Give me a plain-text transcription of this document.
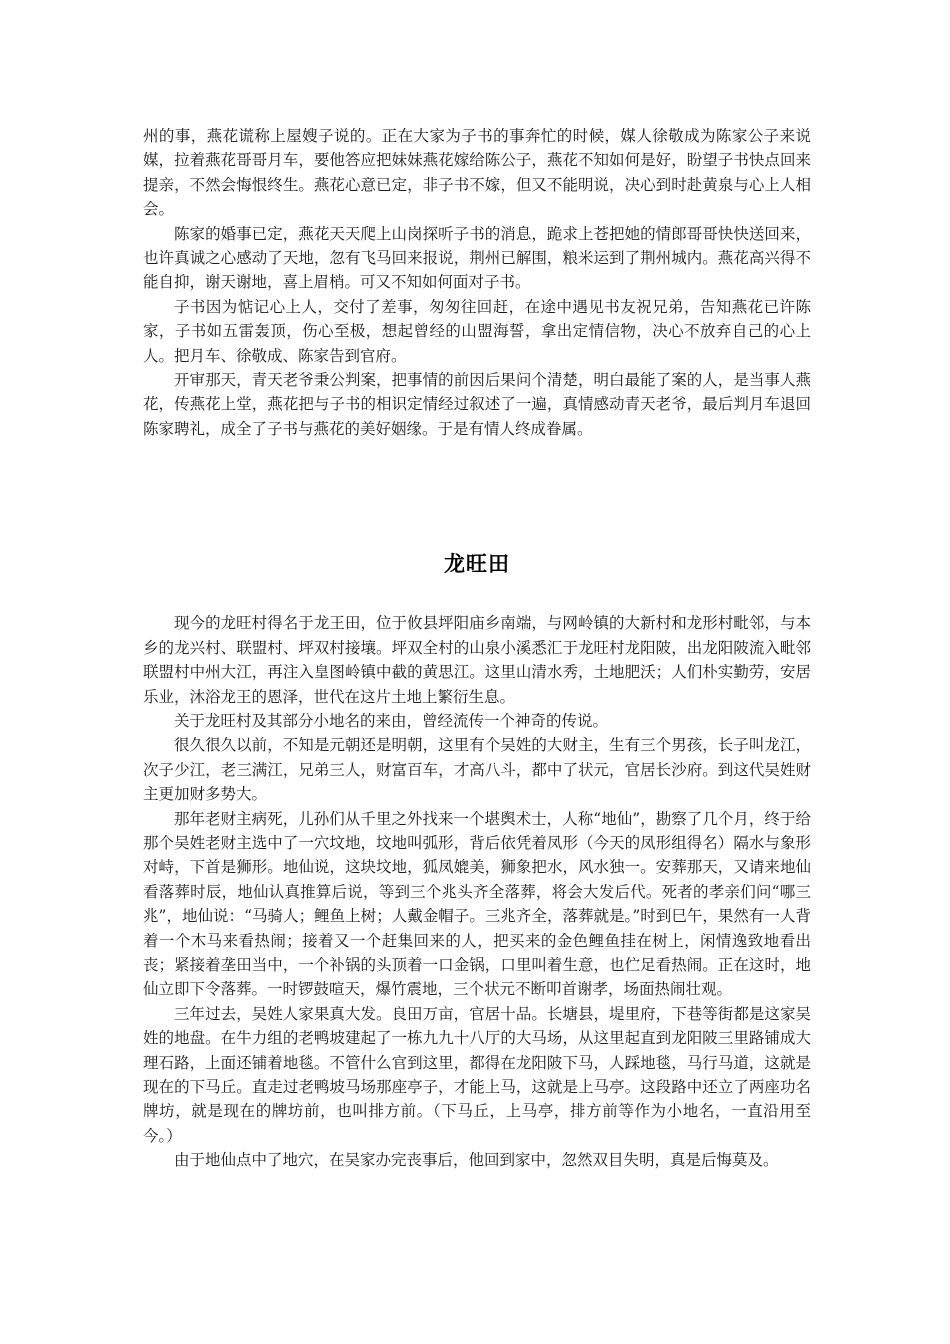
州的事，燕花谎称上屋嫂子说的。正在大家为子书的事奔忙的时候，媒人徐敬成为陈家公子来说媒，拉着燕花哥哥月车，要他答应把妹妹燕花嫁给陈公子，燕花不知如何是好，盼望子书快点回来提亲，不然会悔恨终生。燕花心意已定，非子书不嫁，但又不能明说，决心到时赴黄泉与心上人相会。

陈家的婚事已定，燕花天天爬上山岗探听子书的消息，跪求上苍把她的情郎哥哥快快送回来，也许真诚之心感动了天地，忽有飞马回来报说，荆州已解围，粮米运到了荆州城内。燕花高兴得不能自抑，谢天谢地，喜上眉梢。可又不知如何面对子书。

子书因为惦记心上人，交付了差事，匆匆往回赶，在途中遇见书友祝兄弟，告知燕花已许陈家，子书如五雷轰顶，伤心至极，想起曾经的山盟海誓，拿出定情信物，决心不放弃自己的心上人。把月车、徐敬成、陈家告到官府。

开审那天，青天老爷秉公判案，把事情的前因后果问个清楚，明白最能了案的人，是当事人燕花，传燕花上堂，燕花把与子书的相识定情经过叙述了一遍，真情感动青天老爷，最后判月车退回陈家聘礼，成全了子书与燕花的美好姻缘。于是有情人终成眷属。

龙旺田

现今的龙旺村得名于龙王田，位于攸县坪阳庙乡南端，与网岭镇的大新村和龙形村毗邻，与本乡的龙兴村、联盟村、坪双村接壤。坪双全村的山泉小溪悉汇于龙旺村龙阳陂，出龙阳陂流入毗邻联盟村中州大江，再注入皇图岭镇中截的黄思江。这里山清水秀，土地肥沃；人们朴实勤劳，安居乐业，沐浴龙王的恩泽，世代在这片土地上繁衍生息。

关于龙旺村及其部分小地名的来由，曾经流传一个神奇的传说。

很久很久以前，不知是元朝还是明朝，这里有个吴姓的大财主，生有三个男孩，长子叫龙江，次子少江，老三满江，兄弟三人，财富百车，才高八斗，都中了状元，官居长沙府。到这代吴姓财主更加财多势大。

那年老财主病死，儿孙们从千里之外找来一个堪舆术士，人称“地仙”，勘察了几个月，终于给那个吴姓老财主选中了一穴坟地，坟地叫弧形，背后依凭着凤形（今天的凤形组得名）隔水与象形对峙，下首是狮形。地仙说，这块坟地，狐凤媲美，狮象把水，风水独一。安葬那天，又请来地仙看落葬时辰，地仙认真推算后说，等到三个兆头齐全落葬，将会大发后代。死者的孝亲们问“哪三兆”，地仙说：“马骑人；鲤鱼上树；人戴金帽子。三兆齐全，落葬就是。”时到巳午，果然有一人背着一个木马来看热闹；接着又一个赶集回来的人，把买来的金色鲤鱼挂在树上，闲情逸致地看出丧；紧接着垄田当中，一个补锅的头顶着一口金锅，口里叫着生意，也伫足看热闹。正在这时，地仙立即下令落葬。一时锣鼓喧天，爆竹震地，三个状元不断叩首谢孝，场面热闹壮观。

三年过去，吴姓人家果真大发。良田万亩，官居十品。长塘县，堤里府，下巷等街都是这家吴姓的地盘。在牛力组的老鸭坡建起了一栋九九十八厅的大马场，从这里起直到龙阳陂三里路铺成大理石路，上面还铺着地毯。不管什么官到这里，都得在龙阳陂下马，人踩地毯，马行马道，这就是现在的下马丘。直走过老鸭坡马场那座亭子，才能上马，这就是上马亭。这段路中还立了两座功名牌坊，就是现在的牌坊前，也叫排方前。（下马丘，上马亭，排方前等作为小地名，一直沿用至今。）

由于地仙点中了地穴，在吴家办完丧事后，他回到家中，忽然双目失明，真是后悔莫及。
